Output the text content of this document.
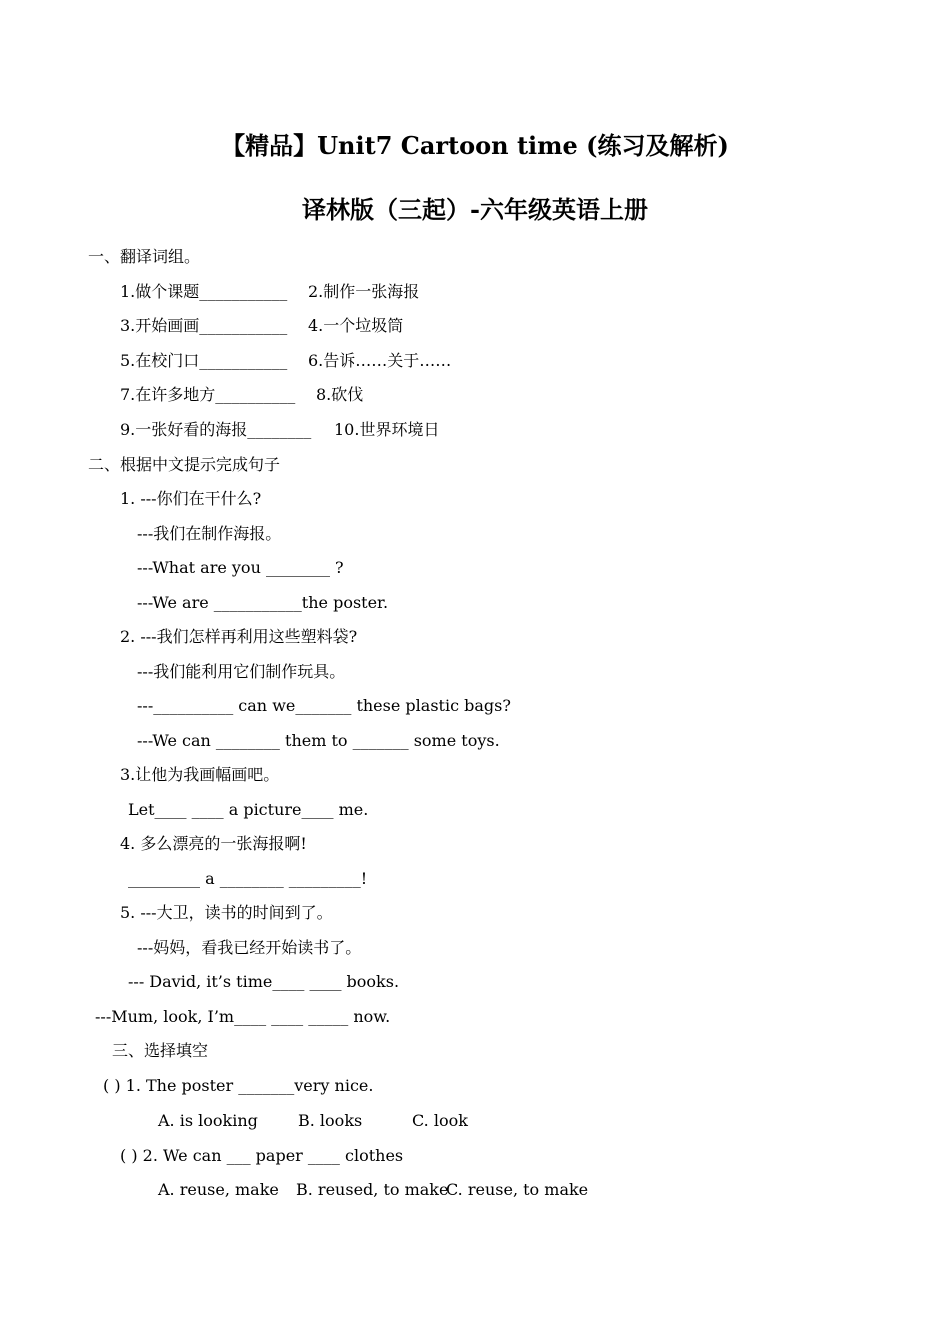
【精品】Unit7 Cartoon time (练习及解析)
译林版（三起）-六年级英语上册
一、翻译词组。
1.做个课题___________ 2.制作一张海报
3.开始画画___________ 4.一个垃圾筒
5.在校门口___________ 6.告诉……关于……
7.在许多地方__________ 8.砍伐
9.一张好看的海报________ 10.世界环境日
二、根据中文提示完成句子
1. ---你们在干什么?
---我们在制作海报。
---What are you ________ ?
---We are ___________the poster.
2. ---我们怎样再利用这些塑料袋?
---我们能利用它们制作玩具。
---__________ can we_______ these plastic bags?
---We can ________ them to _______ some toys.
3.让他为我画幅画吧。
Let____ ____ a picture____ me.
4. 多么漂亮的一张海报啊!
_________ a ________ _________!
5. ---大卫，读书的时间到了。
---妈妈，看我已经开始读书了。
--- David, it’s time____ ____ books.
---Mum, look, I’m____ ____ _____ now.
三、选择填空
( ) 1. The poster _______very nice.
A. is looking	B. looks	C. look
( ) 2. We can ___ paper ____ clothes
A. reuse, make B. reused, to make
C. reuse, to make
